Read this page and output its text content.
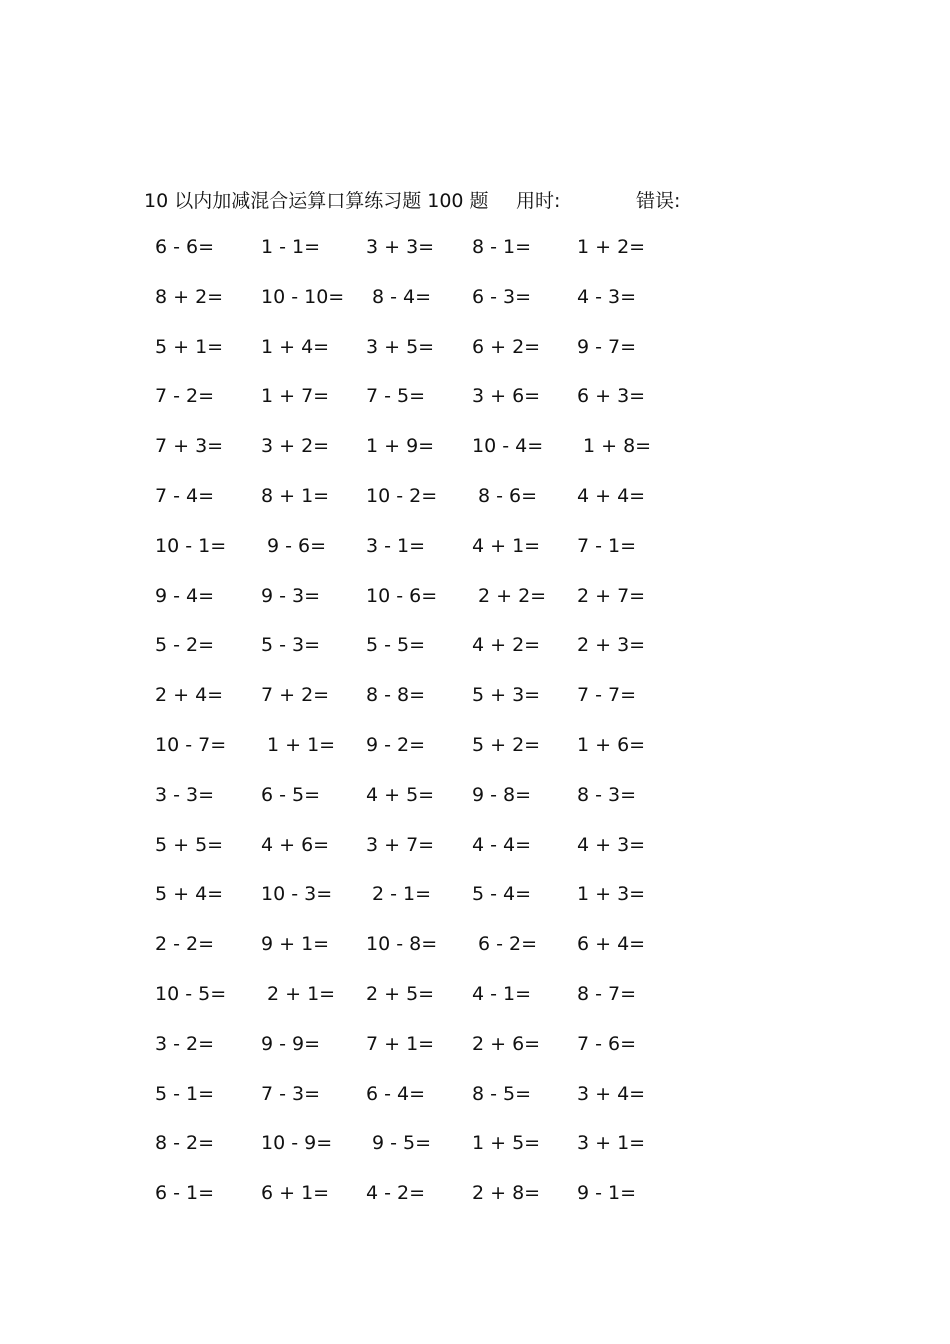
10 以内加减混合运算口算练习题 100 题 用时:	错误:
6 - 6= 1 - 1= 3 + 3= 8 - 1= 1 + 2=
8 + 2= 10 - 10= 8 - 4= 6 - 3= 4 - 3=
5 + 1= 1 + 4= 3 + 5= 6 + 2= 9 - 7=
7 - 2= 1 + 7= 7 - 5= 3 + 6= 6 + 3=
7 + 3= 3 + 2= 1 + 9= 10 - 4= 1 + 8=
7 - 4= 8 + 1= 10 - 2= 8 - 6= 4 + 4=
10 - 1= 9 - 6= 3 - 1= 4 + 1= 7 - 1=
9 - 4= 9 - 3= 10 - 6= 2 + 2= 2 + 7=
5 - 2= 5 - 3= 5 - 5= 4 + 2= 2 + 3=
2 + 4= 7 + 2= 8 - 8= 5 + 3= 7 - 7=
10 - 7= 1 + 1= 9 - 2= 5 + 2= 1 + 6=
3 - 3= 6 - 5= 4 + 5= 9 - 8= 8 - 3=
5 + 5= 4 + 6= 3 + 7= 4 - 4= 4 + 3=
5 + 4= 10 - 3= 2 - 1= 5 - 4= 1 + 3=
2 - 2= 9 + 1= 10 - 8= 6 - 2= 6 + 4=
10 - 5= 2 + 1= 2 + 5= 4 - 1= 8 - 7=
3 - 2= 9 - 9= 7 + 1= 2 + 6= 7 - 6=
5 - 1= 7 - 3= 6 - 4= 8 - 5= 3 + 4=
8 - 2= 10 - 9= 9 - 5= 1 + 5= 3 + 1=
6 - 1= 6 + 1= 4 - 2= 2 + 8= 9 - 1=
